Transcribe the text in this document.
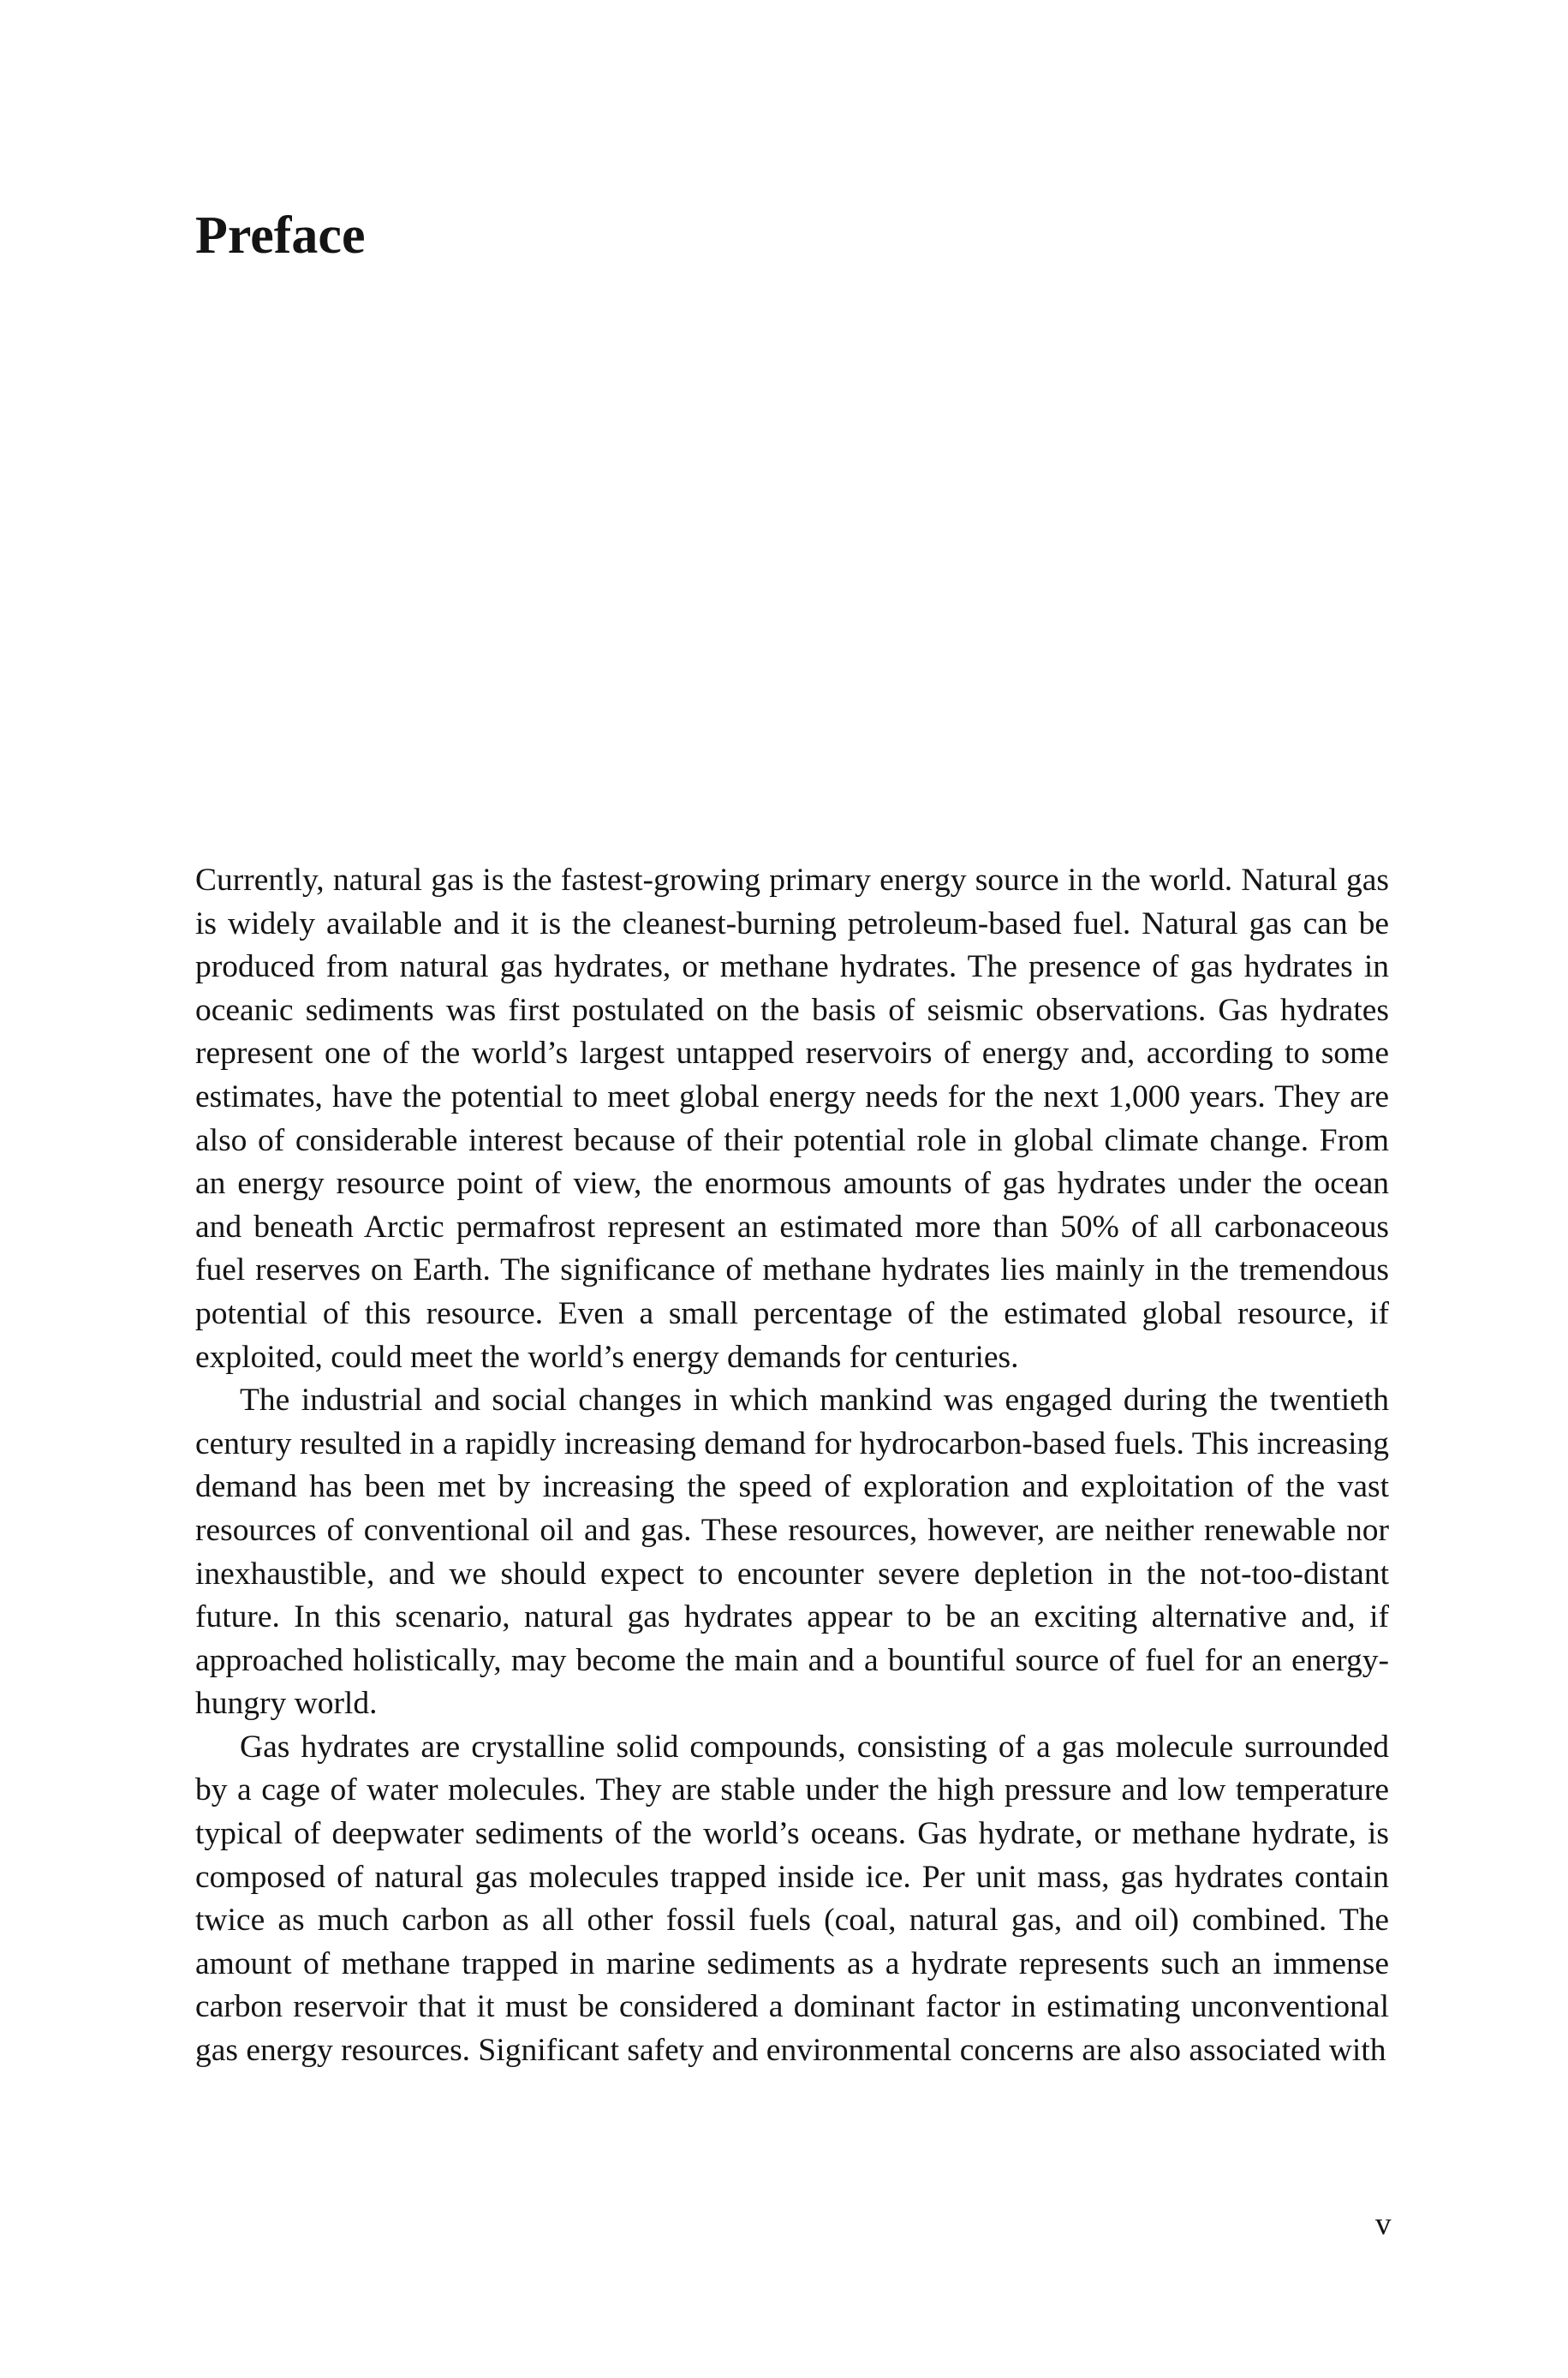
Preface

Currently, natural gas is the fastest-growing primary energy source in the world. Natural gas is widely available and it is the cleanest-burning petroleum-based fuel. Natural gas can be produced from natural gas hydrates, or methane hydrates. The presence of gas hydrates in oceanic sediments was first postulated on the basis of seismic observations. Gas hydrates represent one of the world’s largest untapped reservoirs of energy and, according to some estimates, have the potential to meet global energy needs for the next 1,000 years. They are also of considerable interest because of their potential role in global climate change. From an energy resource point of view, the enormous amounts of gas hydrates under the ocean and beneath Arctic permafrost represent an estimated more than 50% of all carbonaceous fuel reserves on Earth. The significance of methane hydrates lies mainly in the tremendous potential of this resource. Even a small percentage of the estimated global resource, if exploited, could meet the world’s energy demands for centuries.

The industrial and social changes in which mankind was engaged during the twentieth century resulted in a rapidly increasing demand for hydrocarbon-based fuels. This increasing demand has been met by increasing the speed of exploration and exploitation of the vast resources of conventional oil and gas. These resources, however, are neither renewable nor inexhaustible, and we should expect to encounter severe depletion in the not-too-distant future. In this scenario, natural gas hydrates appear to be an exciting alternative and, if approached holistically, may become the main and a bountiful source of fuel for an energy-hungry world.

Gas hydrates are crystalline solid compounds, consisting of a gas molecule surrounded by a cage of water molecules. They are stable under the high pressure and low temperature typical of deepwater sediments of the world’s oceans. Gas hydrate, or methane hydrate, is composed of natural gas molecules trapped inside ice. Per unit mass, gas hydrates contain twice as much carbon as all other fossil fuels (coal, natural gas, and oil) combined. The amount of methane trapped in marine sediments as a hydrate represents such an immense carbon reservoir that it must be considered a dominant factor in estimating unconventional gas energy resources. Significant safety and environmental concerns are also associated with

v
